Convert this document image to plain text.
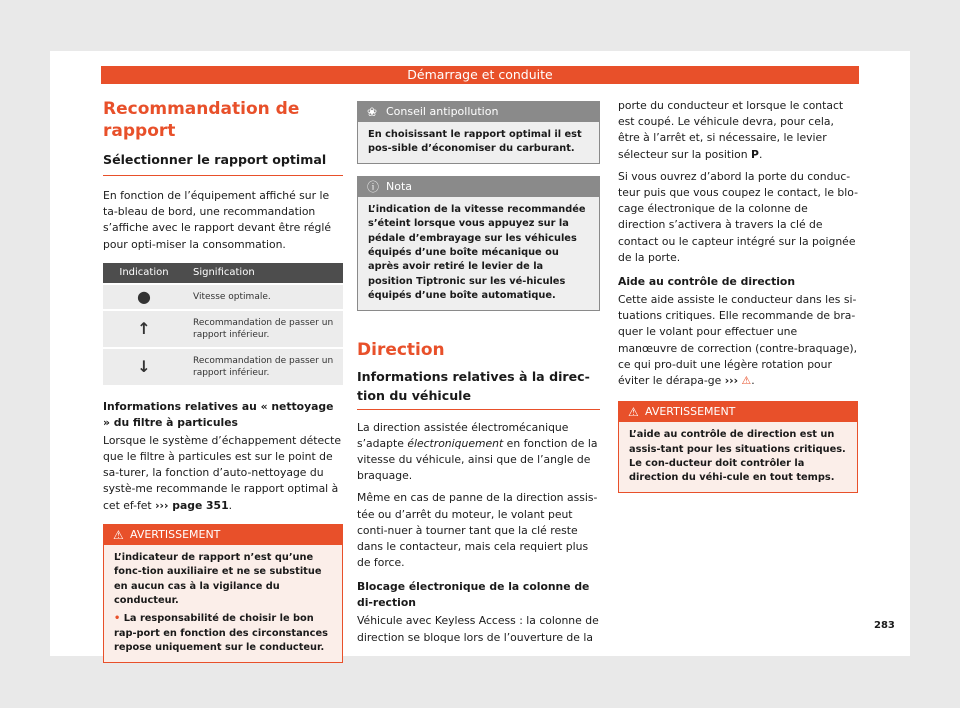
Démarrage et conduite
Recommandation de rapport
Sélectionner le rapport optimal

En fonction de l’équipement affiché sur le ta-bleau de bord, une recommandation s’affiche avec le rapport devant être réglé pour opti-miser la consommation.

Indication	Signification
●	Vitesse optimale.
↑	Recommandation de passer un rapport inférieur.
↓	Recommandation de passer un rapport inférieur.
Informations relatives au « nettoyage » du filtre à particules

Lorsque le système d’échappement détecte que le filtre à particules est sur le point de sa-turer, la fonction d’auto-nettoyage du systè-me recommande le rapport optimal à cet ef-fet ››› page 351.

⚠ AVERTISSEMENT

L’indicateur de rapport n’est qu’une fonc-tion auxiliaire et ne se substitue en aucun cas à la vigilance du conducteur.

• La responsabilité de choisir le bon rap-port en fonction des circonstances repose uniquement sur le conducteur.

❀ Conseil antipollution
En choisissant le rapport optimal il est pos-sible d’économiser du carburant.
ⓘ Nota
L’indication de la vitesse recommandée s’éteint lorsque vous appuyez sur la pédale d’embrayage sur les véhicules équipés d’une boîte mécanique ou après avoir retiré le levier de la position Tiptronic sur les vé-hicules équipés d’une boîte automatique.
Direction
Informations relatives à la direc-tion du véhicule

La direction assistée électromécanique s’adapte électroniquement en fonction de la vitesse du véhicule, ainsi que de l’angle de braquage.

Même en cas de panne de la direction assis-tée ou d’arrêt du moteur, le volant peut conti-nuer à tourner tant que la clé reste dans le contacteur, mais cela requiert plus de force.

Blocage électronique de la colonne de di-rection

Véhicule avec Keyless Access : la colonne de direction se bloque lors de l’ouverture de la

porte du conducteur et lorsque le contact est coupé. Le véhicule devra, pour cela, être à l’arrêt et, si nécessaire, le levier sélecteur sur la position P.

Si vous ouvrez d’abord la porte du conduc-teur puis que vous coupez le contact, le blo-cage électronique de la colonne de direction s’activera à travers la clé de contact ou le capteur intégré sur la poignée de la porte.

Aide au contrôle de direction

Cette aide assiste le conducteur dans les si-tuations critiques. Elle recommande de bra-quer le volant pour effectuer une manœuvre de correction (contre-braquage), ce qui pro-duit une légère rotation pour éviter le dérapa-ge ››› ⚠.

⚠ AVERTISSEMENT
L’aide au contrôle de direction est un assis-tant pour les situations critiques. Le con-ducteur doit contrôler la direction du véhi-cule en tout temps.
283
